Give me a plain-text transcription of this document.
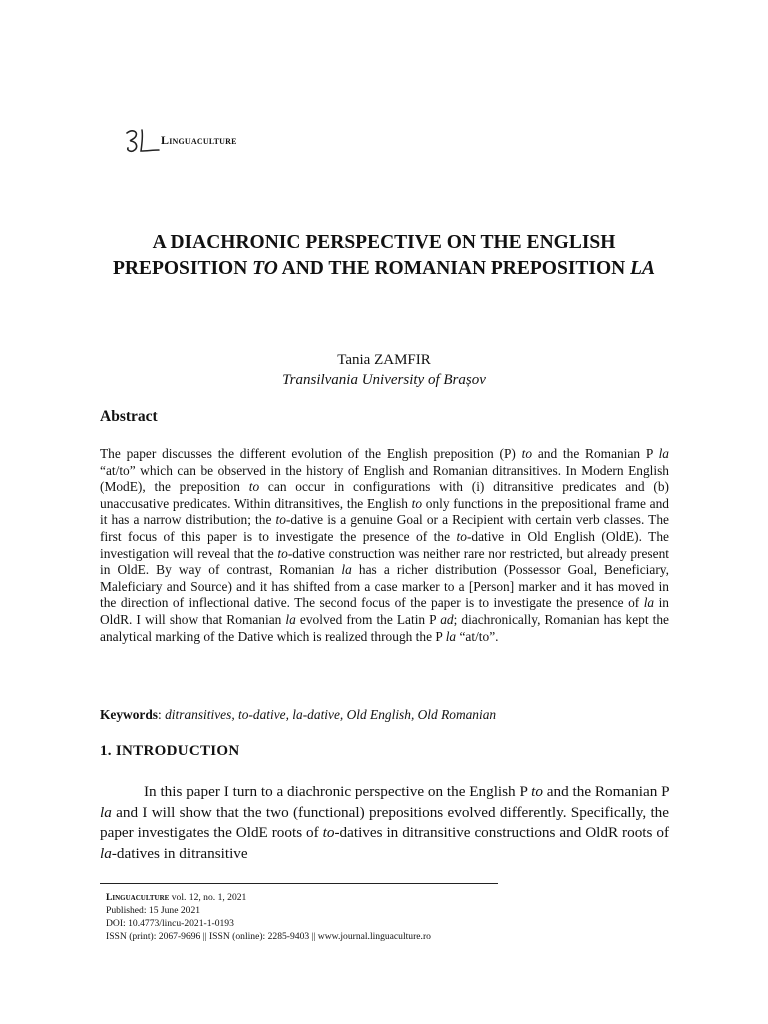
Linguaculture
A DIACHRONIC PERSPECTIVE ON THE ENGLISH PREPOSITION TO AND THE ROMANIAN PREPOSITION LA
Tania ZAMFIR
Transilvania University of Brașov
Abstract

The paper discusses the different evolution of the English preposition (P) to and the Romanian P la “at/to” which can be observed in the history of English and Romanian ditransitives. In Modern English (ModE), the preposition to can occur in configurations with (i) ditransitive predicates and (b) unaccusative predicates. Within ditransitives, the English to only functions in the prepositional frame and it has a narrow distribution; the to-dative is a genuine Goal or a Recipient with certain verb classes. The first focus of this paper is to investigate the presence of the to-dative in Old English (OldE). The investigation will reveal that the to-dative construction was neither rare nor restricted, but already present in OldE. By way of contrast, Romanian la has a richer distribution (Possessor Goal, Beneficiary, Maleficiary and Source) and it has shifted from a case marker to a [Person] marker and it has moved in the direction of inflectional dative. The second focus of the paper is to investigate the presence of la in OldR. I will show that Romanian la evolved from the Latin P ad; diachronically, Romanian has kept the analytical marking of the Dative which is realized through the P la “at/to”.

Keywords: ditransitives, to-dative, la-dative, Old English, Old Romanian
1. INTRODUCTION

In this paper I turn to a diachronic perspective on the English P to and the Romanian P la and I will show that the two (functional) prepositions evolved differently. Specifically, the paper investigates the OldE roots of to-datives in ditransitive constructions and OldR roots of la-datives in ditransitive

Linguaculture vol. 12, no. 1, 2021
Published: 15 June 2021
DOI: 10.4773/lincu-2021-1-0193
ISSN (print): 2067-9696 || ISSN (online): 2285-9403 || www.journal.linguaculture.ro
